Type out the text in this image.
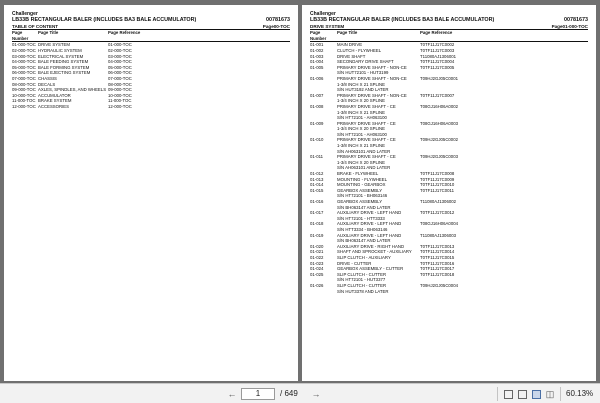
Challenger
LB33B RECTANGULAR BALER (INCLUDES BA3 BALE ACCUMULATOR)	00781673
TABLE OF CONTENT	Page00-TOC
Page Number
Page Title	Page Reference
01-000-TOC DRIVE SYSTEM	01-000-TOC
02-000-TOC HYDRAULIC SYSTEM	02-000-TOC
03-000-TOC ELECTRICAL SYSTEM	03-000-TOC
04-000-TOC BALE FEEDING SYSTEM	04-000-TOC
05-000-TOC BALE FORMING SYSTEM	05-000-TOC
06-000-TOC BALE EJECTING SYSTEM	06-000-TOC
07-000-TOC CHASSIS	07-000-TOC
08-000-TOC DECALS	08-000-TOC
09-000-TOC AXLES, SPINDLES, AND WHEELS 09-000-TOC
10-000-TOC ACCUMULATOR	10-000-TOC
11-000-TOC BRAKE SYSTEM	11-000-TOC
12-000-TOC ACCESSORIES	12-000-TOC
Challenger
LB33B RECTANGULAR BALER (INCLUDES BA3 BALE ACCUMULATOR)	00781673
DRIVE SYSTEM	Page01-000-TOC
Page Number
Page Title	Page Reference
01-001	MAIN DRIVE	T0TF11J17C0002
01-002	CLUTCH - FLYWHEEL	T0TF11J17C0003
01-003	DRIVE SHAFT	T11080AJ1306001
01-004	SECONDARY DRIVE SHAFT	T0TF11J17C0004
01-005	PRIMARY DRIVE SHAFT - NON-CE	T0TF11J17C0005
S/N HUT72101 - HUT3199
01-006	PRIMARY DRIVE SHAFT - NON-CE	T09HJ2GJ05C0001
1-3/8 INCH X 21 SPLINE
S/N HUT3192 AND LATER
01-007	PRIMARY DRIVE SHAFT - NON-CE	T0TF11J17C0007
1-3/4 INCH X 20 SPLINE
01-008	PRIMARY DRIVE SHAFT - CE	T08GJ16H06A0002
1-3/8 INCH X 21 SPLINE
S/N HT72101 - AH063100
01-009	PRIMARY DRIVE SHAFT - CE	T08GJ16H06A0003
1-3/4 INCH X 20 SPLINE
S/N HT72101 - AH063100
01-010	PRIMARY DRIVE SHAFT - CE	T09HJ2GJ05C0002
1-3/8 INCH X 21 SPLINE
S/N AH063101 AND LATER
01-011	PRIMARY DRIVE SHAFT - CE	T09HJ2GJ05C0003
1-3/4 INCH X 20 SPLINE
S/N AH063101 AND LATER
01-012	BRAKE - FLYWHEEL	T0TF11J17C0008
01-013	MOUNTING - FLYWHEEL	T0TF11J17C0009
01-014	MOUNTING - GEARBOX	T0TF11J17C0010
01-015	GEARBOX ASSEMBLY	T0TF11J17C0011
S/N HT72101 - BH063146
01-016	GEARBOX ASSEMBLY	T11080AJ1306002
S/N BH063147 AND LATER
01-017	AUXILIARY DRIVE - LEFT HAND	T0TF11J17C0012
S/N HT72101 - HTT3333
01-018	AUXILIARY DRIVE - LEFT HAND	T08GJ16H06A0004
S/N HTT3334 - BH063146
01-019	AUXILIARY DRIVE - LEFT HAND	T11080AJ1306003
S/N BH063147 AND LATER
01-020	AUXILIARY DRIVE - RIGHT HAND	T0TF11J17C0013
01-021	SHAFT AND SPROCKET - AUXILIARY	T0TF11J17C0014
01-022	SLIP CLUTCH - AUXILIARY	T0TF11J17C0015
01-023	DRIVE - CUTTER	T0TF11J17C0016
01-024	GEARBOX ASSEMBLY - CUTTER	T0TF11J17C0017
01-025	SLIP CLUTCH - CUTTER	T0TF11J17C0018
S/N HT72101 - HUT3377
01-026	SLIP CLUTCH - CUTTER	T09HJ2GJ05C0004
S/N HUT3378 AND LATER
←	1	/ 649 →	◫ 60.13%
